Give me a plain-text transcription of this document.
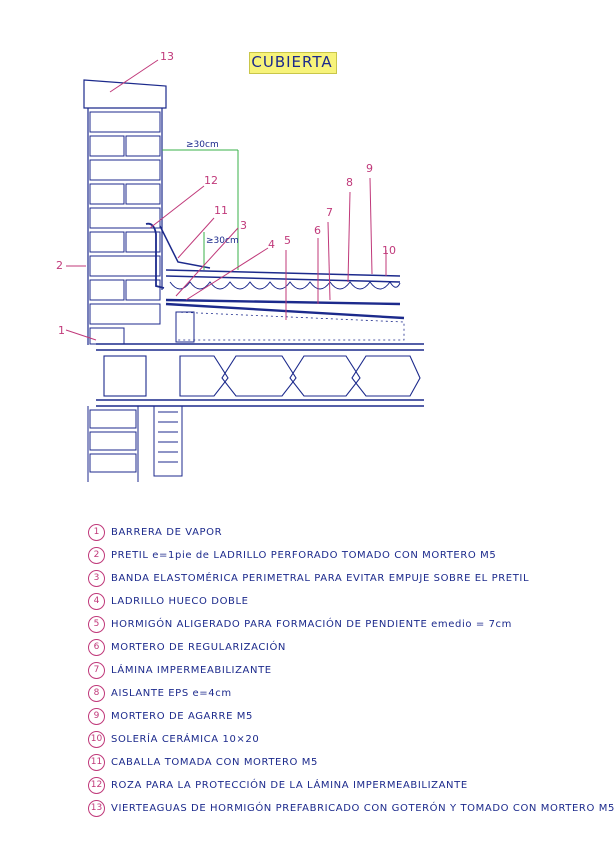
CUBIERTA
≥30cm
≥30cm
1
2
3
4 5
6
7
8
9
10
11
12
13
1	BARRERA DE VAPOR
2	PRETIL e=1pie de LADRILLO PERFORADO TOMADO CON MORTERO M5
3	BANDA ELASTOMÉRICA PERIMETRAL PARA EVITAR EMPUJE SOBRE EL PRETIL
4	LADRILLO HUECO DOBLE
5	HORMIGÓN ALIGERADO PARA FORMACIÓN DE PENDIENTE emedio = 7cm
6	MORTERO DE REGULARIZACIÓN
7	LÁMINA IMPERMEABILIZANTE
8	AISLANTE EPS e=4cm
9	MORTERO DE AGARRE M5
10 SOLERÍA CERÁMICA 10×20
11 CABALLA TOMADA CON MORTERO M5
12 ROZA PARA LA PROTECCIÓN DE LA LÁMINA IMPERMEABILIZANTE
13 VIERTEAGUAS DE HORMIGÓN PREFABRICADO CON GOTERÓN Y TOMADO CON MORTERO M5
